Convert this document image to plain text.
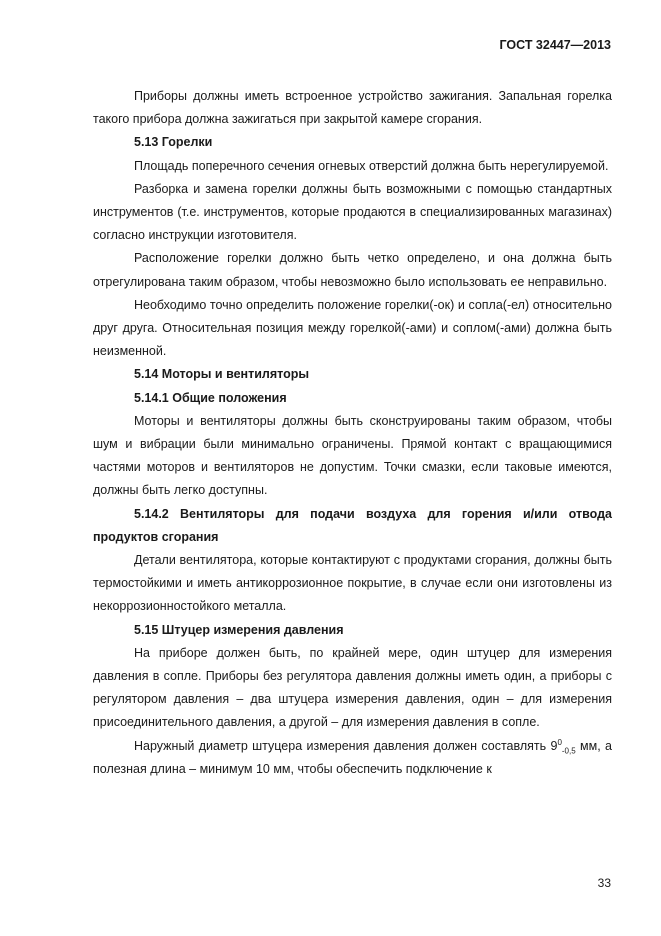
ГОСТ 32447—2013

Приборы должны иметь встроенное устройство зажигания. Запальная горелка такого прибора должна зажигаться при закрытой камере сгорания.

5.13 Горелки

Площадь поперечного сечения огневых отверстий должна быть нерегулируемой.

Разборка и замена горелки должны быть возможными с помощью стандартных инструментов (т.е. инструментов, которые продаются в специализированных магазинах) согласно инструкции изготовителя.

Расположение горелки должно быть четко определено, и она должна быть отрегулирована таким образом, чтобы невозможно было использовать ее неправильно.

Необходимо точно определить положение горелки(-ок) и сопла(-ел) относительно друг друга. Относительная позиция между горелкой(-ами) и соплом(-ами) должна быть неизменной.

5.14 Моторы и вентиляторы

5.14.1 Общие положения

Моторы и вентиляторы должны быть сконструированы таким образом, чтобы шум и вибрации были минимально ограничены. Прямой контакт с вращающимися частями моторов и вентиляторов не допустим. Точки смазки, если таковые имеются, должны быть легко доступны.

5.14.2 Вентиляторы для подачи воздуха для горения и/или отвода продуктов сгорания

Детали вентилятора, которые контактируют с продуктами сгорания, должны быть термостойкими и иметь антикоррозионное покрытие, в случае если они изготовлены из некоррозионностойкого металла.

5.15 Штуцер измерения давления

На приборе должен быть, по крайней мере, один штуцер для измерения давления в сопле. Приборы без регулятора давления должны иметь один, а приборы с регулятором давления – два штуцера измерения давления, один – для измерения присоединительного давления, а другой – для измерения давления в сопле.

Наружный диаметр штуцера измерения давления должен составлять $9^0_{-0,5}$ мм, а полезная длина – минимум 10 мм, чтобы обеспечить подключение к

33
